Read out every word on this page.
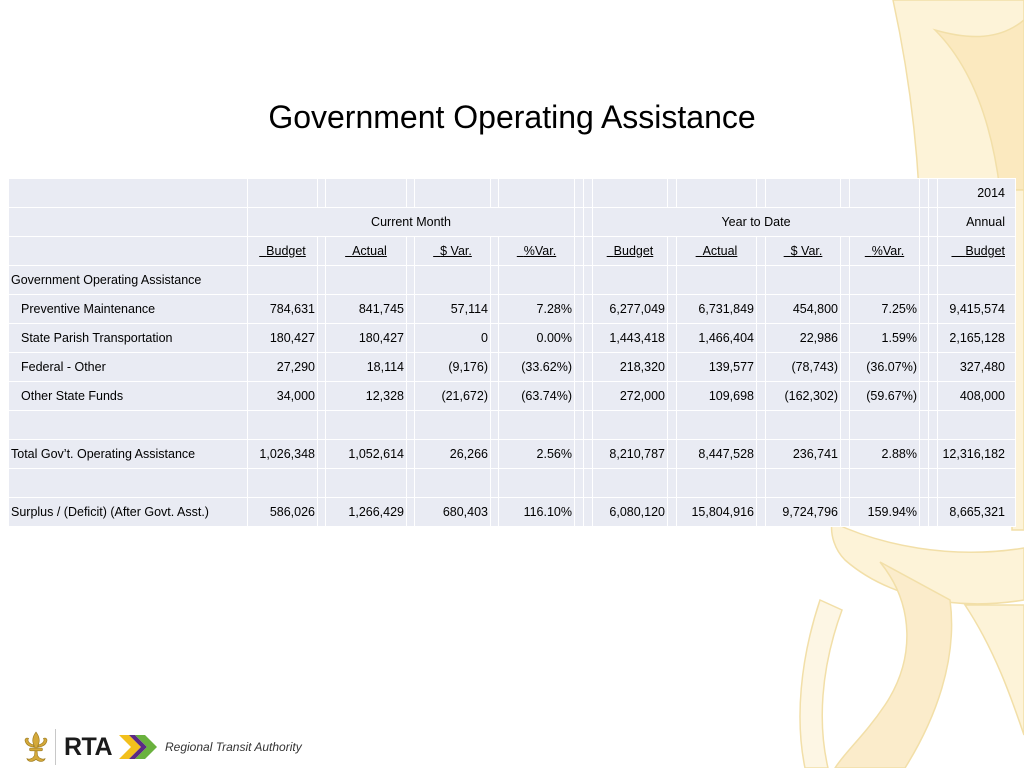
Government Operating Assistance
																			2014
	Current Month									Year to Date									Annual
	Budget		Actual		$ Var.		%Var.			Budget		Actual		$ Var.		%Var.			Budget
Government Operating Assistance																			
Preventive Maintenance	784,631		841,745		57,114		7.28%			6,277,049		6,731,849		454,800		7.25%			9,415,574
State Parish Transportation	180,427		180,427		0		0.00%			1,443,418		1,466,404		22,986		1.59%			2,165,128
Federal - Other	27,290		18,114		(9,176)		(33.62%)			218,320		139,577		(78,743)		(36.07%)			327,480
Other State Funds	34,000		12,328		(21,672)		(63.74%)			272,000		109,698		(162,302)		(59.67%)			408,000

Total Gov’t. Operating Assistance	1,026,348		1,052,614		26,266		2.56%			8,210,787		8,447,528		236,741		2.88%			12,316,182

Surplus / (Deficit) (After Govt. Asst.)	586,026		1,266,429		680,403		116.10%			6,080,120		15,804,916		9,724,796		159.94%			8,665,321
RTA	Regional Transit Authority
